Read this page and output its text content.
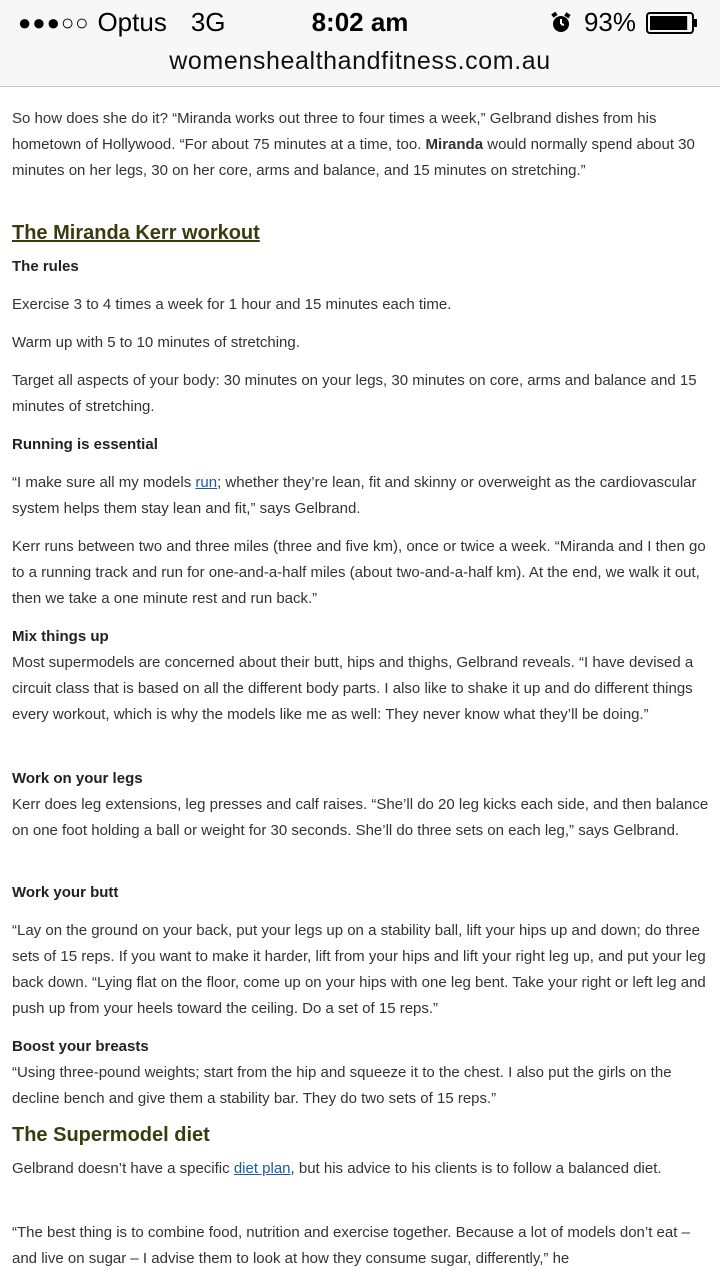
●●●○○ Optus 3G	8:02 am	93%
womenshealthandfitness.com.au

So how does she do it? “Miranda works out three to four times a week,” Gelbrand dishes from his hometown of Hollywood. “For about 75 minutes at a time, too. Miranda would normally spend about 30 minutes on her legs, 30 on her core, arms and balance, and 15 minutes on stretching.”

The Miranda Kerr workout
The rules

Exercise 3 to 4 times a week for 1 hour and 15 minutes each time.

Warm up with 5 to 10 minutes of stretching.

Target all aspects of your body: 30 minutes on your legs, 30 minutes on core, arms and balance and 15 minutes of stretching.

Running is essential

“I make sure all my models run; whether they’re lean, fit and skinny or overweight as the cardiovascular system helps them stay lean and fit,” says Gelbrand.

Kerr runs between two and three miles (three and five km), once or twice a week. “Miranda and I then go to a running track and run for one-and-a-half miles (about two-and-a-half km). At the end, we walk it out, then we take a one minute rest and run back.”

Mix things up

Most supermodels are concerned about their butt, hips and thighs, Gelbrand reveals. “I have devised a circuit class that is based on all the different body parts. I also like to shake it up and do different things every workout, which is why the models like me as well: They never know what they’ll be doing.”

Work on your legs

Kerr does leg extensions, leg presses and calf raises. “She’ll do 20 leg kicks each side, and then balance on one foot holding a ball or weight for 30 seconds. She’ll do three sets on each leg,” says Gelbrand.

Work your butt

“Lay on the ground on your back, put your legs up on a stability ball, lift your hips up and down; do three sets of 15 reps. If you want to make it harder, lift from your hips and lift your right leg up, and put your leg back down. “Lying flat on the floor, come up on your hips with one leg bent. Take your right or left leg and push up from your heels toward the ceiling. Do a set of 15 reps.”

Boost your breasts

“Using three-pound weights; start from the hip and squeeze it to the chest. I also put the girls on the decline bench and give them a stability bar. They do two sets of 15 reps.”

The Supermodel diet

Gelbrand doesn’t have a specific diet plan, but his advice to his clients is to follow a balanced diet.

“The best thing is to combine food, nutrition and exercise together. Because a lot of models don’t eat – and live on sugar – I advise them to look at how they consume sugar, differently,” he
